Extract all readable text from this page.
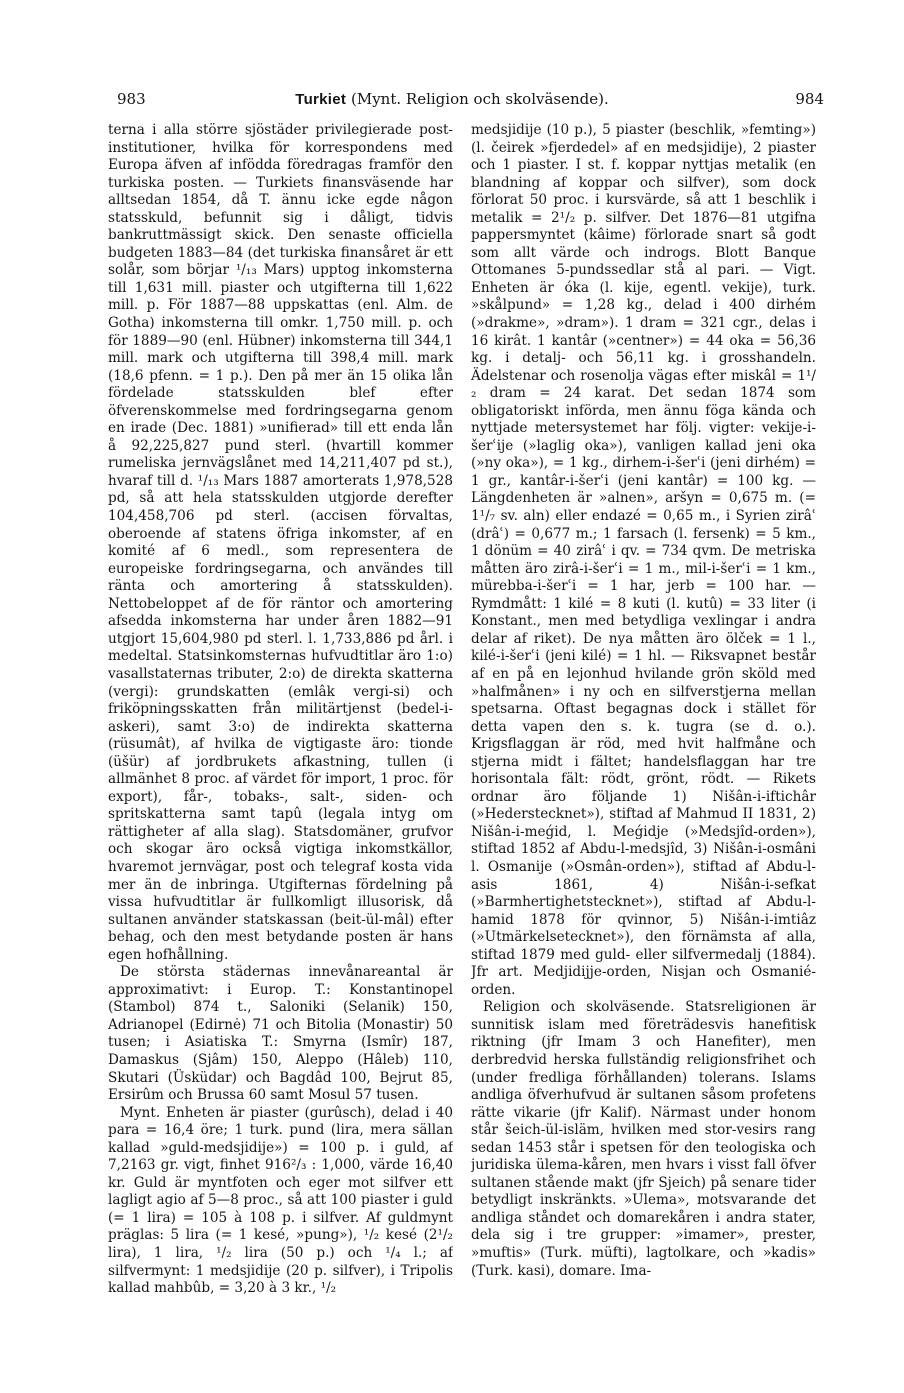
983	Turkiet (Mynt. Religion och skolväsende).	984

terna i alla större sjöstäder privilegierade post-institutioner, hvilka för korrespondens med Europa äfven af infödda föredragas framför den turkiska posten. — Turkiets finansväsende har alltsedan 1854, då T. ännu icke egde någon statsskuld, befunnit sig i dåligt, tidvis bankruttmässigt skick. Den senaste officiella budgeten 1883—84 (det turkiska finansåret är ett solår, som börjar ¹/₁₃ Mars) upptog inkomsterna till 1,631 mill. piaster och utgifterna till 1,622 mill. p. För 1887—88 uppskattas (enl. Alm. de Gotha) inkomsterna till omkr. 1,750 mill. p. och för 1889—90 (enl. Hübner) inkomsterna till 344,1 mill. mark och utgifterna till 398,4 mill. mark (18,6 pfenn. = 1 p.). Den på mer än 15 olika lån fördelade statsskulden blef efter öfverenskommelse med fordringsegarna genom en irade (Dec. 1881) »unifierad» till ett enda lån å 92,225,827 pund sterl. (hvartill kommer rumeliska jernvägslånet med 14,211,407 pd st.), hvaraf till d. ¹/₁₃ Mars 1887 amorterats 1,978,528 pd, så att hela statsskulden utgjorde derefter 104,458,706 pd sterl. (accisen förvaltas, oberoende af statens öfriga inkomster, af en komité af 6 medl., som representera de europeiske fordringsegarna, och användes till ränta och amortering å statsskulden). Nettobeloppet af de för räntor och amortering afsedda inkomsterna har under åren 1882—91 utgjort 15,604,980 pd sterl. l. 1,733,886 pd årl. i medeltal. Statsinkomsternas hufvudtitlar äro 1:o) vasallstaternas tributer, 2:o) de direkta skatterna (vergi): grundskatten (emlâk vergi-si) och friköpningsskatten från militärtjenst (bedel-i-askeri), samt 3:o) de indirekta skatterna (rüsumât), af hvilka de vigtigaste äro: tionde (üšür) af jordbrukets afkastning, tullen (i allmänhet 8 proc. af värdet för import, 1 proc. för export), får-, tobaks-, salt-, siden- och spritskatterna samt tapû (legala intyg om rättigheter af alla slag). Statsdomäner, grufvor och skogar äro också vigtiga inkomstkällor, hvaremot jernvägar, post och telegraf kosta vida mer än de inbringa. Utgifternas fördelning på vissa hufvudtitlar är fullkomligt illusorisk, då sultanen använder statskassan (beit-ül-mâl) efter behag, och den mest betydande posten är hans egen hofhållning.

De största städernas innevånareantal är approximativt: i Europ. T.: Konstantinopel (Stambol) 874 t., Saloniki (Selanik) 150, Adrianopel (Edirnė) 71 och Bitolia (Monastir) 50 tusen; i Asiatiska T.: Smyrna (Ismîr) 187, Damaskus (Sjâm) 150, Aleppo (Hâleb) 110, Skutari (Üsküdar) och Bagdâd 100, Bejrut 85, Ersirûm och Brussa 60 samt Mosul 57 tusen.

Mynt. Enheten är piaster (gurûsch), delad i 40 para = 16,4 öre; 1 turk. pund (lira, mera sällan kallad »guld-medsjidije») = 100 p. i guld, af 7,2163 gr. vigt, finhet 916²/₃ : 1,000, värde 16,40 kr. Guld är myntfoten och eger mot silfver ett lagligt agio af 5—8 proc., så att 100 piaster i guld (= 1 lira) = 105 à 108 p. i silfver. Af guldmynt präglas: 5 lira (= 1 kesé, »pung»), ¹/₂ kesé (2¹/₂ lira), 1 lira, ¹/₂ lira (50 p.) och ¹/₄ l.; af silfvermynt: 1 medsjidije (20 p. silfver), i Tripolis kallad mahbûb, = 3,20 à 3 kr., ¹/₂

medsjidije (10 p.), 5 piaster (beschlik, »femting») (l. čeirek »fjerdedel» af en medsjidije), 2 piaster och 1 piaster. I st. f. koppar nyttjas metalik (en blandning af koppar och silfver), som dock förlorat 50 proc. i kursvärde, så att 1 beschlik i metalik = 2¹/₂ p. silfver. Det 1876—81 utgifna pappersmyntet (kâime) förlorade snart så godt som allt värde och indrogs. Blott Banque Ottomanes 5-pundssedlar stå al pari. — Vigt. Enheten är óka (l. kije, egentl. vekije), turk. »skålpund» = 1,28 kg., delad i 400 dirhém (»drakme», »dram»). 1 dram = 321 cgr., delas i 16 kirât. 1 kantâr (»centner») = 44 oka = 56,36 kg. i detalj- och 56,11 kg. i grosshandeln. Ädelstenar och rosenolja vägas efter miskâl = 1¹/₂ dram = 24 karat. Det sedan 1874 som obligatoriskt införda, men ännu föga kända och nyttjade metersystemet har följ. vigter: vekije-i-šerʿije (»laglig oka»), vanligen kallad jeni oka (»ny oka»), = 1 kg., dirhem-i-šerʿi (jeni dirhém) = 1 gr., kantâr-i-šerʿi (jeni kantâr) = 100 kg. — Längdenheten är »alnen», aršyn = 0,675 m. (= 1¹/₇ sv. aln) eller endazé = 0,65 m., i Syrien zirâʿ (drâʿ) = 0,677 m.; 1 farsach (l. fersenk) = 5 km., 1 dönüm = 40 zirâʿ i qv. = 734 qvm. De metriska måtten äro zirâ-i-šerʿi = 1 m., mil-i-šerʿi = 1 km., mürebba-i-šerʿi = 1 har, jerb = 100 har. — Rymdmått: 1 kilé = 8 kuti (l. kutû) = 33 liter (i Konstant., men med betydliga vexlingar i andra delar af riket). De nya måtten äro ölček = 1 l., kilé-i-šerʿi (jeni kilé) = 1 hl. — Riksvapnet består af en på en lejonhud hvilande grön sköld med »halfmånen» i ny och en silfverstjerna mellan spetsarna. Oftast begagnas dock i stället för detta vapen den s. k. tugra (se d. o.). Krigsflaggan är röd, med hvit halfmåne och stjerna midt i fältet; handelsflaggan har tre horisontala fält: rödt, grönt, rödt. — Rikets ordnar äro följande 1) Nišân-i-iftichâr (»Hederstecknet»), stiftad af Mahmud II 1831, 2) Nišân-i-meǵid, l. Meǵidje (»Medsjîd-orden»), stiftad 1852 af Abdu-l-medsjîd, 3) Nišân-i-osmâni l. Osmanije (»Osmân-orden»), stiftad af Abdu-l-asis 1861, 4) Nišân-i-sefkat (»Barmhertighetstecknet»), stiftad af Abdu-l-hamid 1878 för qvinnor, 5) Nišân-i-imtiâz (»Utmärkelsetecknet»), den förnämsta af alla, stiftad 1879 med guld- eller silfvermedalj (1884). Jfr art. Medjidijje-orden, Nisjan och Osmanié-orden.

Religion och skolväsende. Statsreligionen är sunnitisk islam med företrädesvis hanefitisk riktning (jfr Imam 3 och Hanefiter), men derbredvid herska fullständig religionsfrihet och (under fredliga förhållanden) tolerans. Islams andliga öfverhufvud är sultanen såsom profetens rätte vikarie (jfr Kalif). Närmast under honom står šeich-ül-isläm, hvilken med stor-vesirs rang sedan 1453 står i spetsen för den teologiska och juridiska ülema-kåren, men hvars i visst fall öfver sultanen stående makt (jfr Sjeich) på senare tider betydligt inskränkts. »Ulema», motsvarande det andliga ståndet och domarekåren i andra stater, dela sig i tre grupper: »imamer», prester, »muftis» (Turk. müfti), lagtolkare, och »kadis» (Turk. kasi), domare. Ima-
